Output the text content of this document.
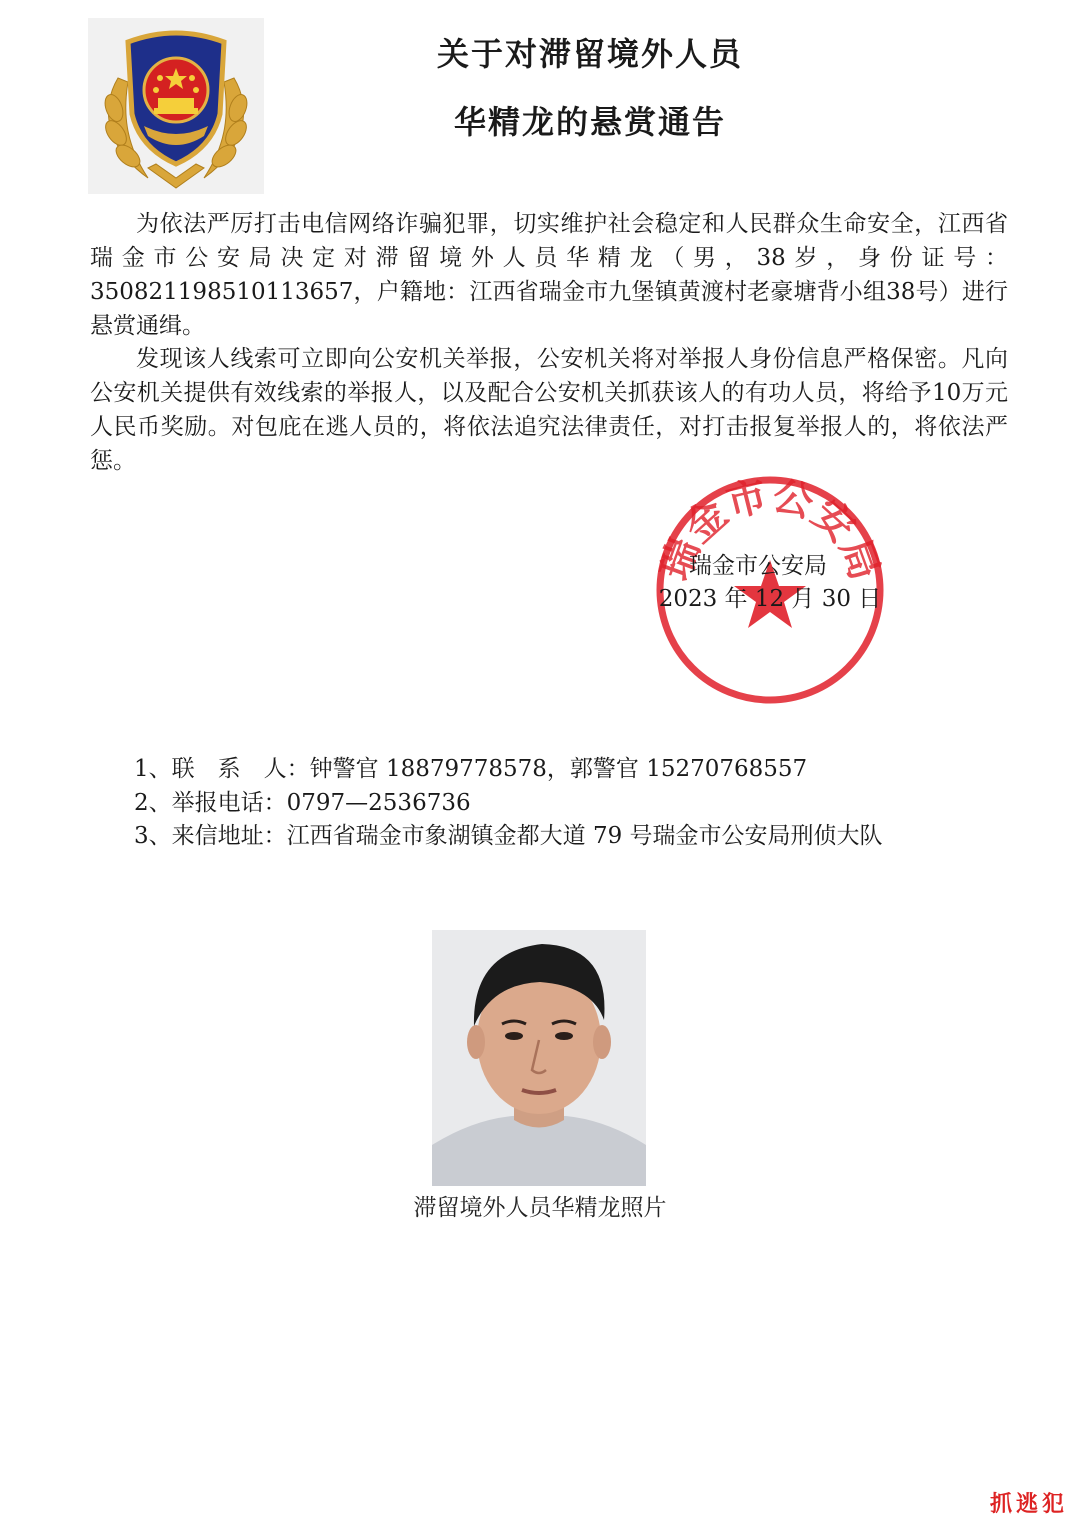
关于对滞留境外人员
华精龙的悬赏通告
为依法严厉打击电信网络诈骗犯罪，切实维护社会稳定和人民群众生命安全，江西省瑞金市公安局决定对滞留境外人员华精龙（男，38岁，身份证号：350821198510113657，户籍地：江西省瑞金市九堡镇黄渡村老豪塘背小组38号）进行悬赏通缉。
发现该人线索可立即向公安机关举报，公安机关将对举报人身份信息严格保密。凡向公安机关提供有效线索的举报人，以及配合公安机关抓获该人的有功人员，将给予10万元人民币奖励。对包庇在逃人员的，将依法追究法律责任，对打击报复举报人的，将依法严惩。
瑞金市公安局
瑞金市公安局
2023 年 12 月 30 日
1、联　系　人：钟警官 18879778578，郭警官 15270768557
2、举报电话：0797—2536736
3、来信地址：江西省瑞金市象湖镇金都大道 79 号瑞金市公安局刑侦大队
滞留境外人员华精龙照片
抓逃犯
